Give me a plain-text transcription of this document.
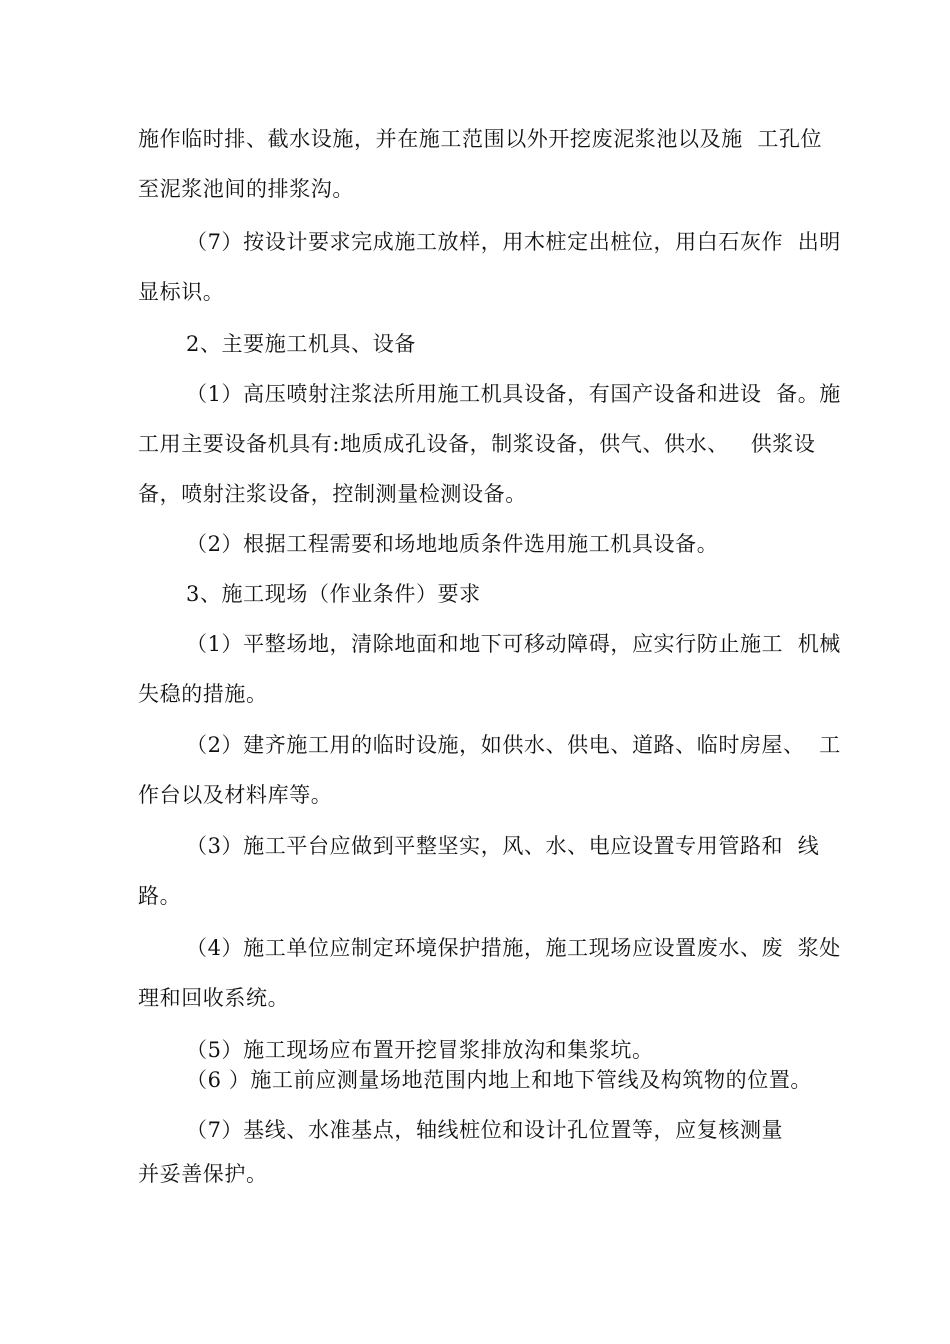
施作临时排、截水设施，并在施工范围以外开挖废泥浆池以及施  工孔位
至泥浆池间的排浆沟。
（7）按设计要求完成施工放样，用木桩定出桩位，用白石灰作  出明
显标识。
2、主要施工机具、设备
（1）高压喷射注浆法所用施工机具设备，有国产设备和进设  备。施
工用主要设备机具有:地质成孔设备，制浆设备，供气、供水、   供浆设
备，喷射注浆设备，控制测量检测设备。
（2）根据工程需要和场地地质条件选用施工机具设备。
3、施工现场（作业条件）要求
（1）平整场地，清除地面和地下可移动障碍，应实行防止施工  机械
失稳的措施。
（2）建齐施工用的临时设施，如供水、供电、道路、临时房屋、  工
作台以及材料库等。
（3）施工平台应做到平整坚实，风、水、电应设置专用管路和  线
路。
（4）施工单位应制定环境保护措施，施工现场应设置废水、废  浆处
理和回收系统。
（5）施工现场应布置开挖冒浆排放沟和集浆坑。
（6 ）施工前应测量场地范围内地上和地下管线及构筑物的位置。
（7）基线、水准基点，轴线桩位和设计孔位置等，应复核测量
并妥善保护。
